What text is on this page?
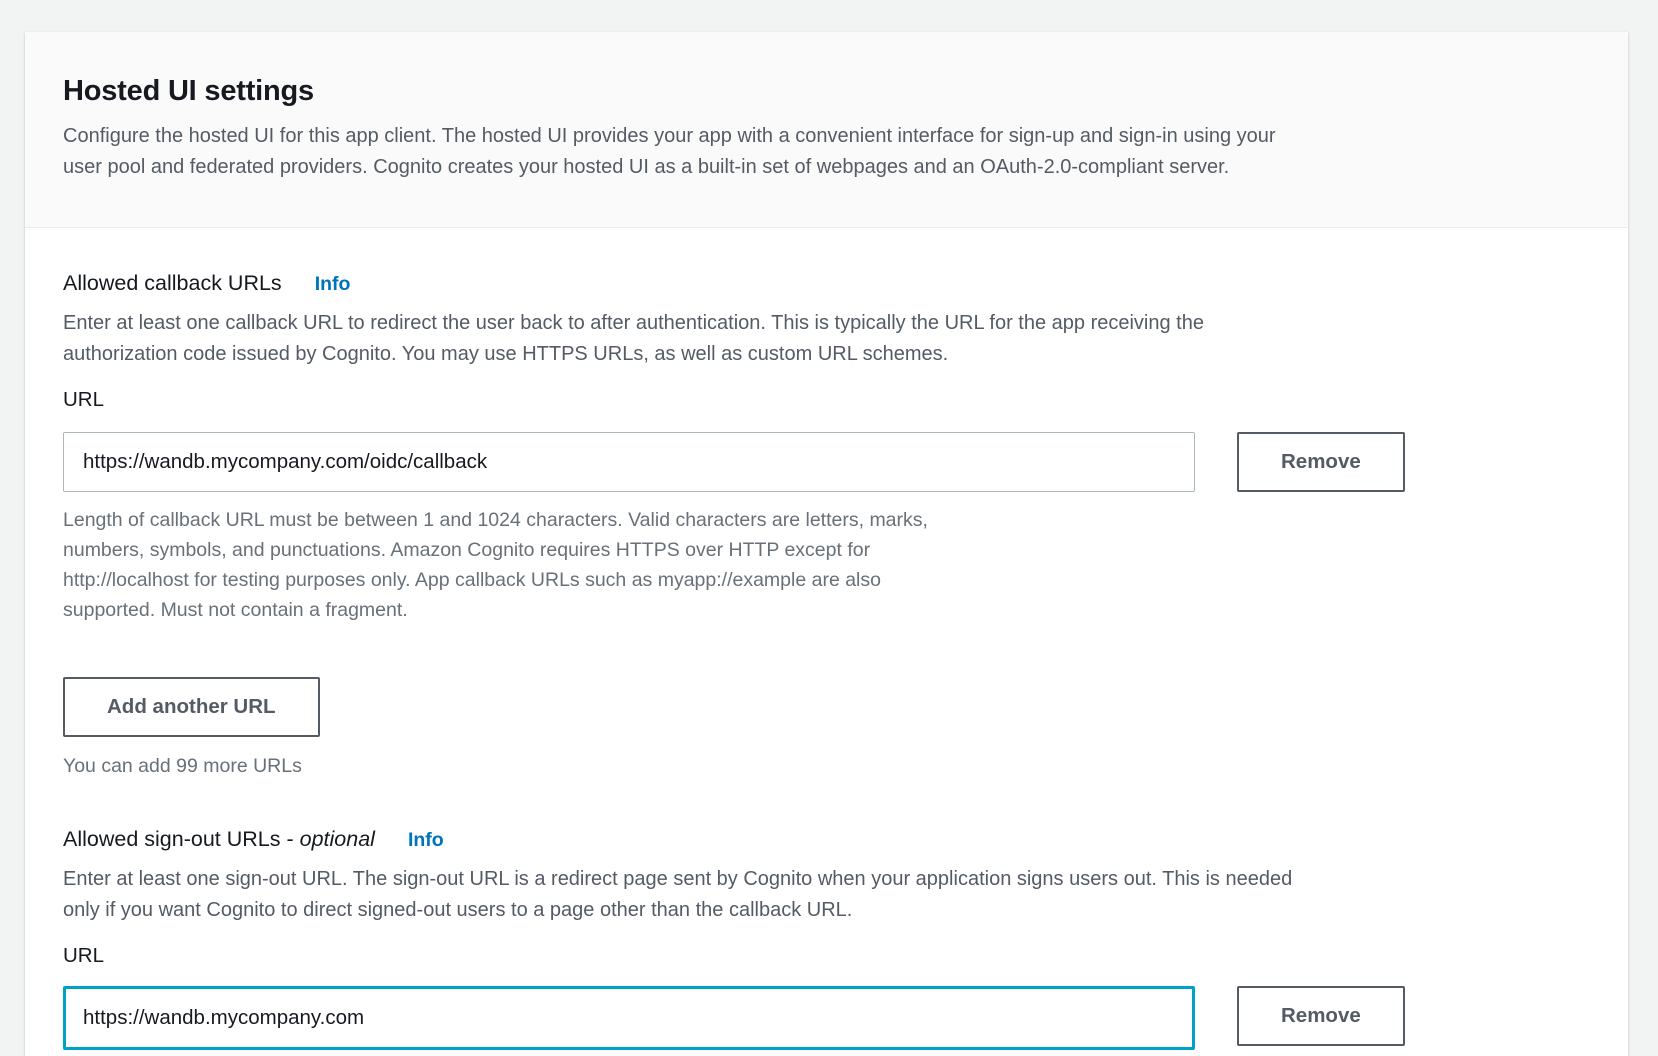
Hosted UI settings
Configure the hosted UI for this app client. The hosted UI provides your app with a convenient interface for sign-up and sign-in using your
user pool and federated providers. Cognito creates your hosted UI as a built-in set of webpages and an OAuth-2.0-compliant server.
Allowed callback URLs Info
Enter at least one callback URL to redirect the user back to after authentication. This is typically the URL for the app receiving the
authorization code issued by Cognito. You may use HTTPS URLs, as well as custom URL schemes.
URL
https://wandb.mycompany.com/oidc/callback
Remove
Length of callback URL must be between 1 and 1024 characters. Valid characters are letters, marks,
numbers, symbols, and punctuations. Amazon Cognito requires HTTPS over HTTP except for
http://localhost for testing purposes only. App callback URLs such as myapp://example are also
supported. Must not contain a fragment.
Add another URL
You can add 99 more URLs
Allowed sign-out URLs - optional Info
Enter at least one sign-out URL. The sign-out URL is a redirect page sent by Cognito when your application signs users out. This is needed
only if you want Cognito to direct signed-out users to a page other than the callback URL.
URL
https://wandb.mycompany.com
Remove
